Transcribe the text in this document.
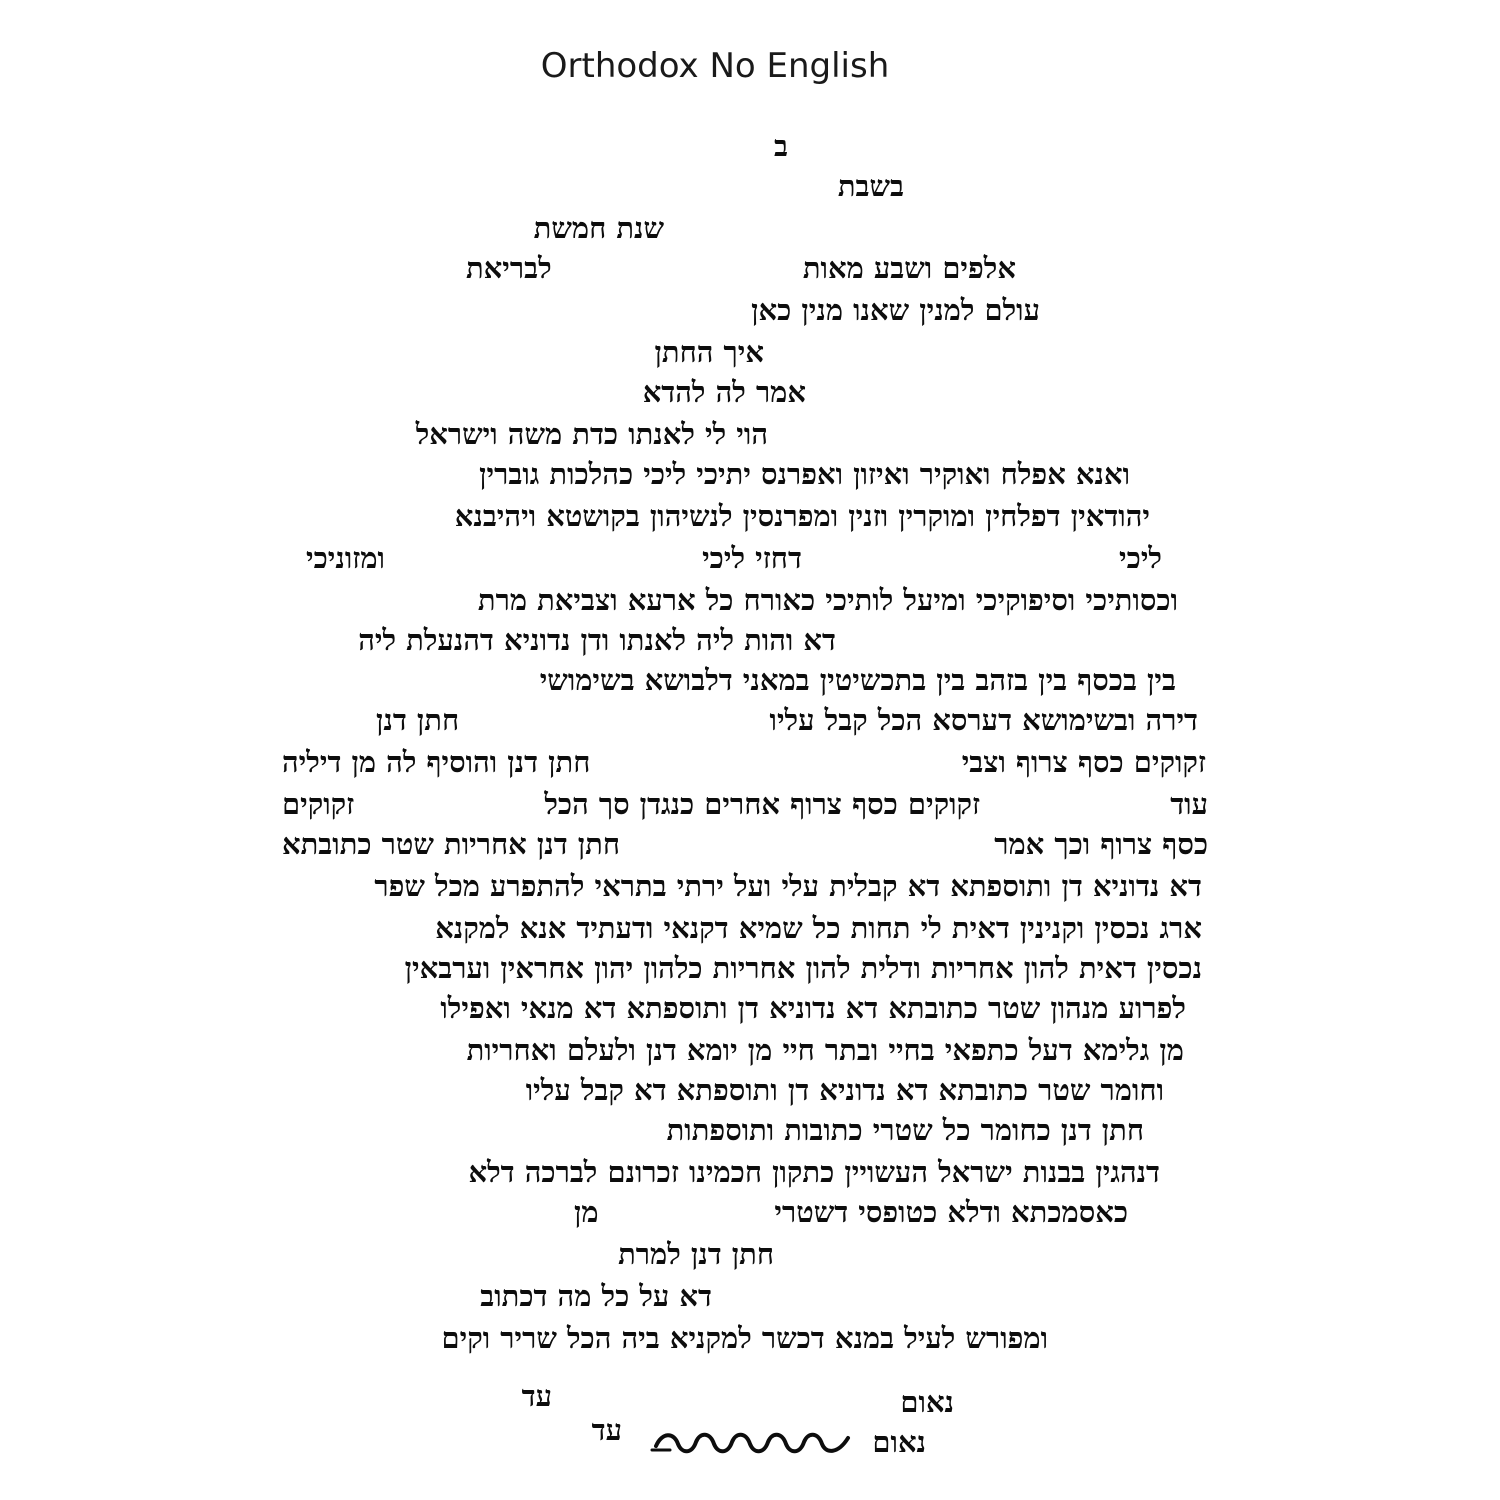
Orthodox No English
ב
בשבת
שנת חמשת
אלפים ושבע מאות
לבריאת
עולם למנין שאנו מנין כאן
איך החתן
אמר לה להדא
הוי לי לאנתו כדת משה וישראל
ואנא אפלח ואוקיר ואיזון ואפרנס יתיכי ליכי כהלכות גוברין
יהודאין דפלחין ומוקרין וזנין ומפרנסין לנשיהון בקושטא ויהיבנא
ליכי
דחזי ליכי
ומזוניכי
וכסותיכי וסיפוקיכי ומיעל לותיכי כאורח כל ארעא וצביאת מרת
דא והות ליה לאנתו ודן נדוניא דהנעלת ליה
בין בכסף בין בזהב בין בתכשיטין במאני דלבושא בשימושי
דירה ובשימושא דערסא הכל קבל עליו
חתן דנן
זקוקים כסף צרוף וצבי
חתן דנן והוסיף לה מן דיליה
עוד
זקוקים כסף צרוף אחרים כנגדן סך הכל
זקוקים
כסף צרוף וכך אמר
חתן דנן אחריות שטר כתובתא
דא נדוניא דן ותוספתא דא קבלית עלי ועל ירתי בתראי להתפרע מכל שפר
ארג נכסין וקנינין דאית לי תחות כל שמיא דקנאי ודעתיד אנא למקנא
נכסין דאית להון אחריות ודלית להון אחריות כלהון יהון אחראין וערבאין
לפרוע מנהון שטר כתובתא דא נדוניא דן ותוספתא דא מנאי ואפילו
מן גלימא דעל כתפאי בחיי ובתר חיי מן יומא דנן ולעלם ואחריות
וחומר שטר כתובתא דא נדוניא דן ותוספתא דא קבל עליו
חתן דנן כחומר כל שטרי כתובות ותוספתות
דנהגין בבנות ישראל העשויין כתקון חכמינו זכרונם לברכה דלא
כאסמכתא ודלא כטופסי דשטרי
מן
חתן דנן למרת
דא על כל מה דכתוב
ומפורש לעיל במנא דכשר למקניא ביה הכל שריר וקים
נאום
עד
נאום
עד
